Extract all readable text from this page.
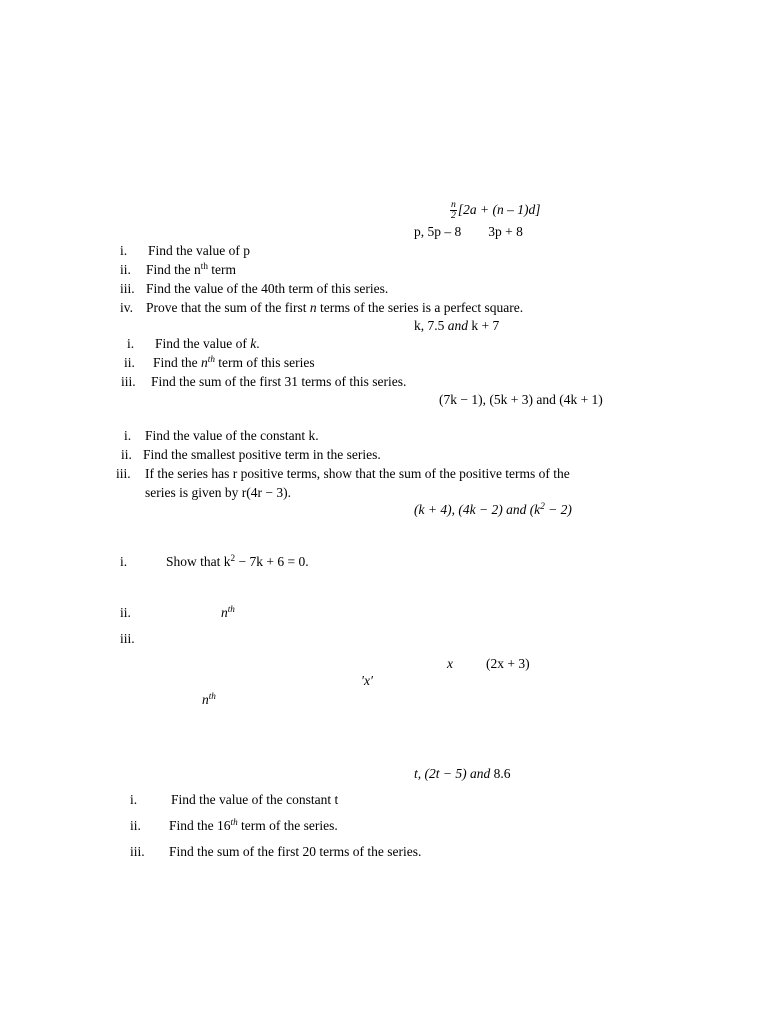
$\frac{n}{2} [2a + (n - 1)d]$
p, 5p – 8        3p + 8
i. Find the value of p
ii. Find the $n^{th}$ term
iii. Find the value of the 40th term of this series.
iv. Prove that the sum of the first n terms of the series is a perfect square.
k, 7.5 and k + 7
i. Find the value of k.
ii. Find the $n^{th}$ term of this series
iii. Find the sum of the first 31 terms of this series.
(7k − 1), (5k + 3) and (4k + 1)
i. Find the value of the constant k.
ii. Find the smallest positive term in the series.
iii. If the series has r positive terms, show that the sum of the positive terms of the
series is given by r(4r − 3).
(k + 4), (4k − 2) and $(k^2 - 2)$
i.	Show that $k^2 - 7k + 6 = 0$.
ii.	$n^{th}$
iii.
x (2x + 3)
′x′
$n^{th}$
t, (2t − 5) and 8.6
i.	Find the value of the constant t
ii. Find the 16th term of the series.
iii. Find the sum of the first 20 terms of the series.
